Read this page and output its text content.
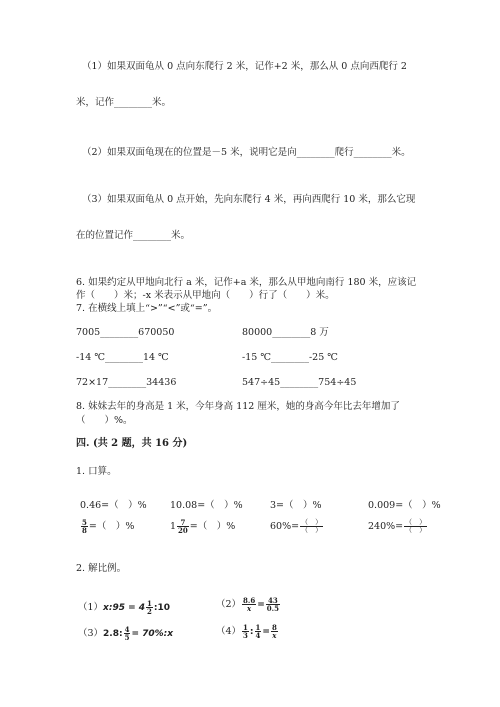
（1）如果双面龟从 0 点向东爬行 2 米，记作+2 米，那么从 0 点向西爬行 2
米，记作________米。
（2）如果双面龟现在的位置是－5 米，说明它是向________爬行________米。
（3）如果双面龟从 0 点开始，先向东爬行 4 米，再向西爬行 10 米，那么它现
在的位置记作________米。
6. 如果约定从甲地向北行 a 米，记作+a 米，那么从甲地向南行 180 米，应该记
作（　　）米；-x 米表示从甲地向（　　）行了（　　）米。
7. 在横线上填上“>”“<”或“=”。
7005________670050	80000________8 万
-14 ℃________14 ℃	-15 ℃________-25 ℃
72×17________34436	547÷45________754÷45
8. 妹妹去年的身高是 1 米，今年身高 112 厘米，她的身高今年比去年增加了
（　　）%。
四. (共 2 题，共 16 分)
1. 口算。
0.46=（　）% 10.08=（　）%	3=（　）%	0.009=（　）%
$\frac{5}{8}$ =（　）%	$1 \frac{7}{20}$ =（　）%	$60\%= \frac{( )}{( )}$	$240\%= \frac{( )}{( )}$
2. 解比例。
（1）x:95 = $4 \frac{1}{2}$ :10	$(2) \frac{8.6}{x} = \frac{43}{0.5}$
（3）2.8: $\frac{4}{5}$ = 70%:x	$(4) \frac{1}{3}$ : $\frac{1}{4} = \frac{8}{x}$
